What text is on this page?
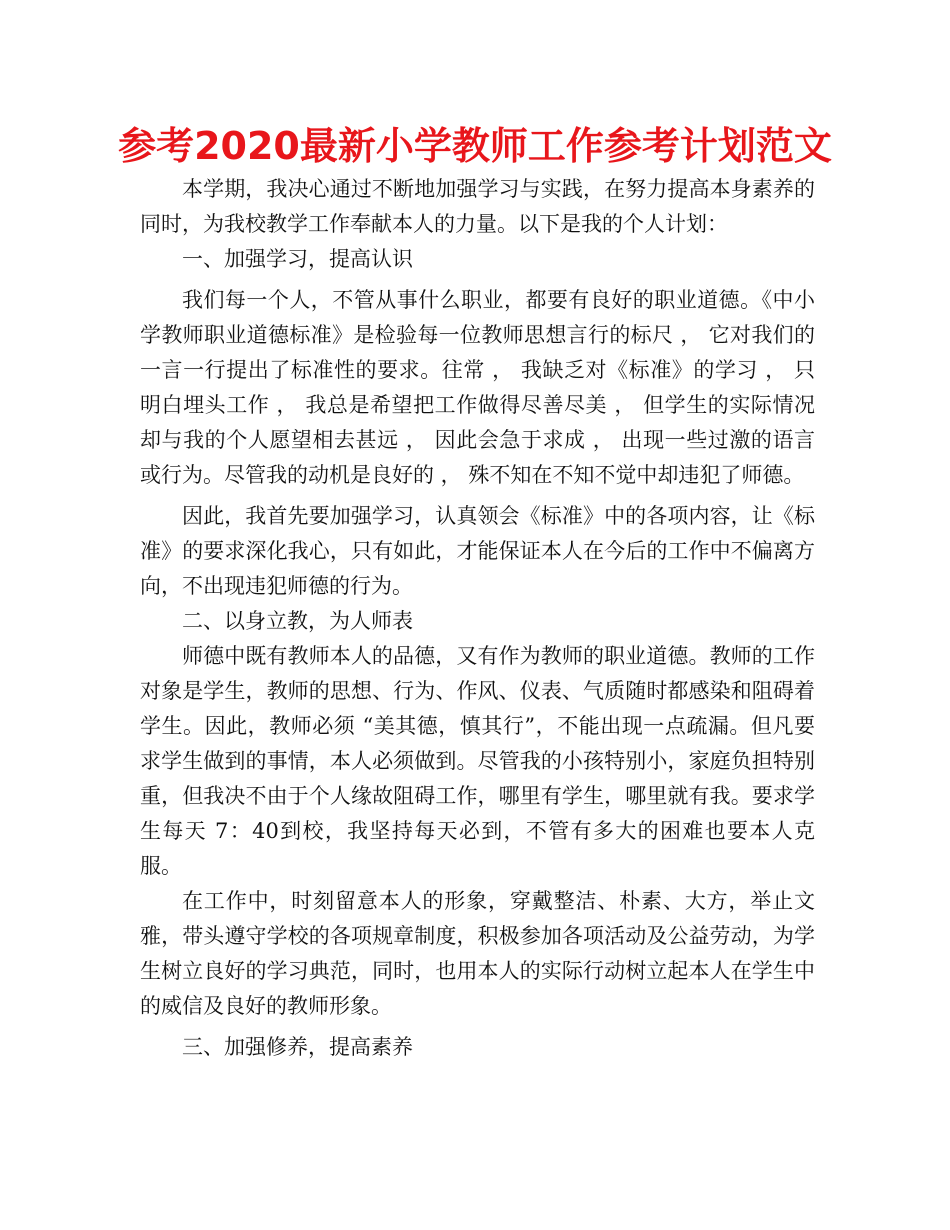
参考2020最新小学教师工作参考计划范文

本学期，我决心通过不断地加强学习与实践，在努力提高本身素养的同时，为我校教学工作奉献本人的力量。以下是我的个人计划：

一、加强学习，提高认识

我们每一个人，不管从事什么职业，都要有良好的职业道德。《中小学教师职业道德标准》是检验每一位教师思想言行的标尺 ， 它对我们的一言一行提出了标准性的要求。往常 ， 我缺乏对《标准》的学习 ， 只明白埋头工作 ， 我总是希望把工作做得尽善尽美 ， 但学生的实际情况却与我的个人愿望相去甚远 ， 因此会急于求成 ， 出现一些过激的语言或行为。尽管我的动机是良好的 ， 殊不知在不知不觉中却违犯了师德。

因此，我首先要加强学习，认真领会《标准》中的各项内容，让《标准》的要求深化我心，只有如此，才能保证本人在今后的工作中不偏离方向，不出现违犯师德的行为。

二、以身立教，为人师表

师德中既有教师本人的品德，又有作为教师的职业道德。教师的工作对象是学生，教师的思想、行为、作风、仪表、气质随时都感染和阻碍着学生。因此，教师必须 “美其德，慎其行”，不能出现一点疏漏。但凡要求学生做到的事情，本人必须做到。尽管我的小孩特别小，家庭负担特别重，但我决不由于个人缘故阻碍工作，哪里有学生，哪里就有我。要求学生每天 7：40到校，我坚持每天必到，不管有多大的困难也要本人克服。

在工作中，时刻留意本人的形象，穿戴整洁、朴素、大方，举止文雅，带头遵守学校的各项规章制度，积极参加各项活动及公益劳动，为学生树立良好的学习典范，同时，也用本人的实际行动树立起本人在学生中的威信及良好的教师形象。

三、加强修养，提高素养
